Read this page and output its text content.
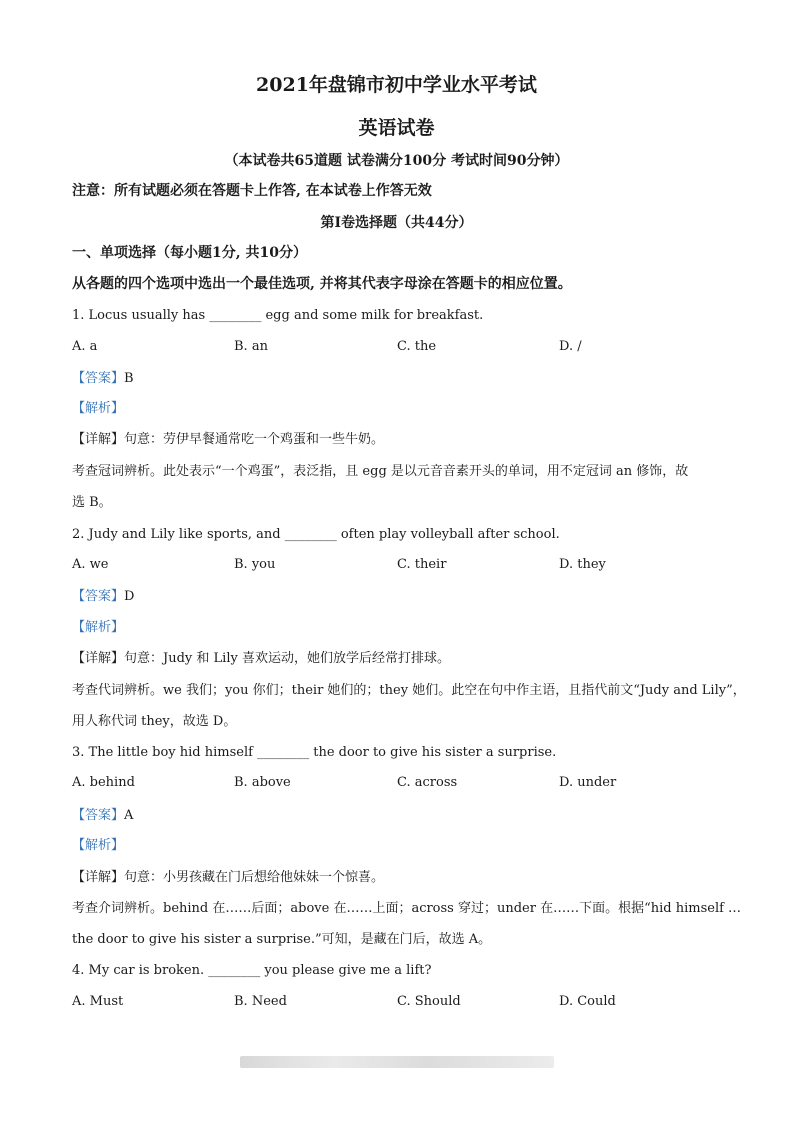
2021年盘锦市初中学业水平考试
英语试卷
（本试卷共65道题 试卷满分100分 考试时间90分钟）
注意：所有试题必须在答题卡上作答, 在本试卷上作答无效
第I卷选择题（共44分）
一、单项选择（每小题1分, 共10分）
从各题的四个选项中选出一个最佳选项, 并将其代表字母涂在答题卡的相应位置。
1. Locus usually has ________ egg and some milk for breakfast.
A. a	B. an	C. the	D. /
【答案】B
【解析】
【详解】句意：劳伊早餐通常吃一个鸡蛋和一些牛奶。
考查冠词辨析。此处表示“一个鸡蛋”，表泛指，且 egg 是以元音音素开头的单词，用不定冠词 an 修饰，故
选 B。
2. Judy and Lily like sports, and ________ often play volleyball after school.
A. we	B. you	C. their	D. they
【答案】D
【解析】
【详解】句意：Judy 和 Lily 喜欢运动，她们放学后经常打排球。
考查代词辨析。we 我们；you 你们；their 她们的；they 她们。此空在句中作主语，且指代前文“Judy and Lily”，
用人称代词 they，故选 D。
3. The little boy hid himself ________ the door to give his sister a surprise.
A. behind	B. above	C. across	D. under
【答案】A
【解析】
【详解】句意：小男孩藏在门后想给他妹妹一个惊喜。
考查介词辨析。behind 在……后面；above 在……上面；across 穿过；under 在……下面。根据“hid himself …
the door to give his sister a surprise.”可知，是藏在门后，故选 A。
4. My car is broken. ________ you please give me a lift?
A. Must	B. Need	C. Should	D. Could
